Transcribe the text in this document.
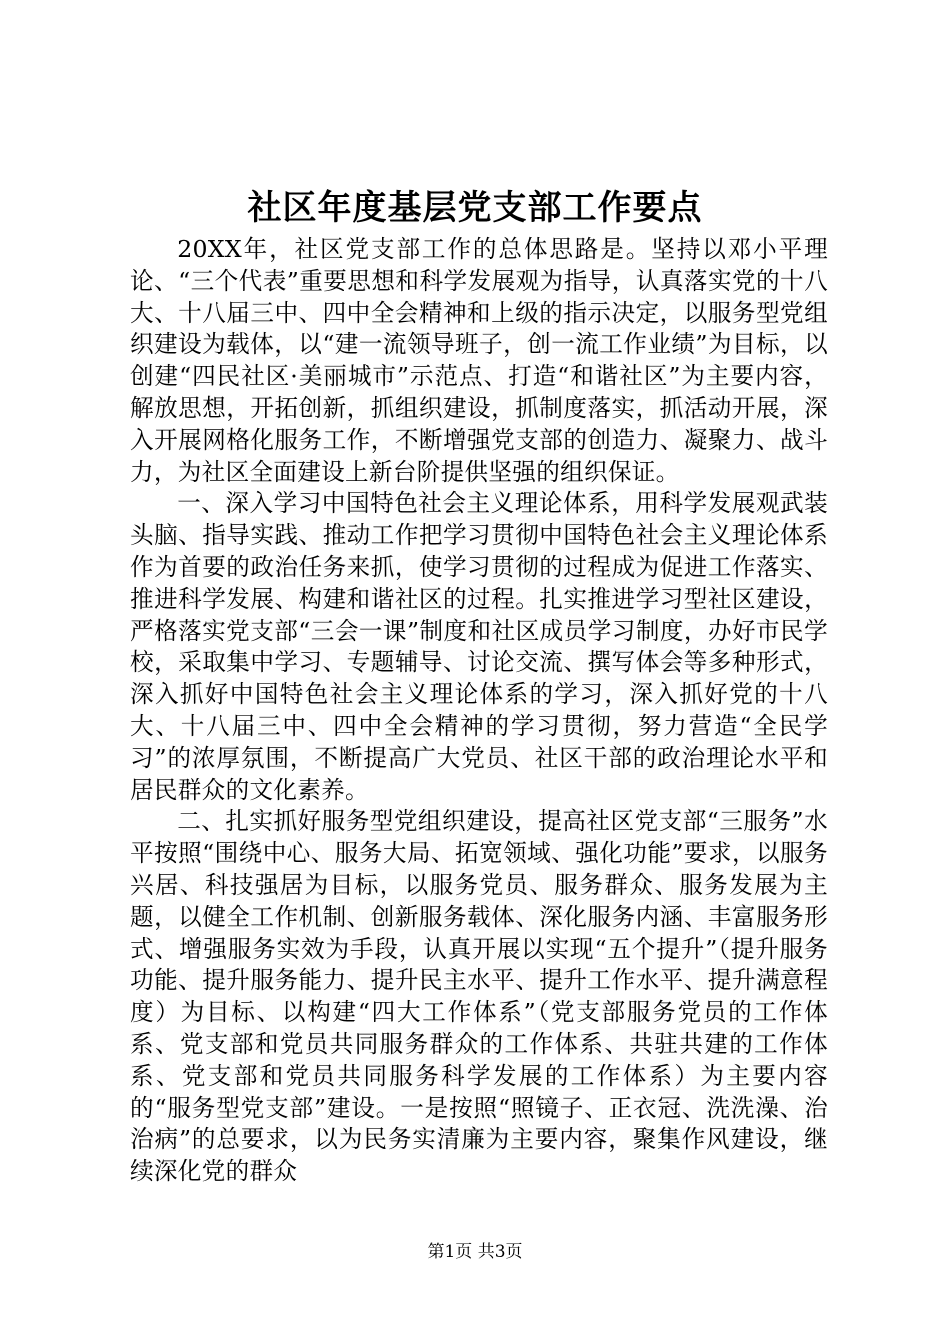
社区年度基层党支部工作要点

20XX年，社区党支部工作的总体思路是。坚持以邓小平理论、“三个代表”重要思想和科学发展观为指导，认真落实党的十八大、十八届三中、四中全会精神和上级的指示决定，以服务型党组织建设为载体，以“建一流领导班子，创一流工作业绩”为目标，以创建“四民社区·美丽城市”示范点、打造“和谐社区”为主要内容，解放思想，开拓创新，抓组织建设，抓制度落实，抓活动开展，深入开展网格化服务工作，不断增强党支部的创造力、凝聚力、战斗力，为社区全面建设上新台阶提供坚强的组织保证。

一、深入学习中国特色社会主义理论体系，用科学发展观武装头脑、指导实践、推动工作把学习贯彻中国特色社会主义理论体系作为首要的政治任务来抓，使学习贯彻的过程成为促进工作落实、推进科学发展、构建和谐社区的过程。扎实推进学习型社区建设，严格落实党支部“三会一课”制度和社区成员学习制度，办好市民学校，采取集中学习、专题辅导、讨论交流、撰写体会等多种形式，深入抓好中国特色社会主义理论体系的学习，深入抓好党的十八大、十八届三中、四中全会精神的学习贯彻，努力营造“全民学习”的浓厚氛围，不断提高广大党员、社区干部的政治理论水平和居民群众的文化素养。

二、扎实抓好服务型党组织建设，提高社区党支部“三服务”水平按照“围绕中心、服务大局、拓宽领域、强化功能”要求，以服务兴居、科技强居为目标，以服务党员、服务群众、服务发展为主题，以健全工作机制、创新服务载体、深化服务内涵、丰富服务形式、增强服务实效为手段，认真开展以实现“五个提升”（提升服务功能、提升服务能力、提升民主水平、提升工作水平、提升满意程度）为目标、以构建“四大工作体系”（党支部服务党员的工作体系、党支部和党员共同服务群众的工作体系、共驻共建的工作体系、党支部和党员共同服务科学发展的工作体系）为主要内容的“服务型党支部”建设。一是按照“照镜子、正衣冠、洗洗澡、治治病”的总要求，以为民务实清廉为主要内容，聚集作风建设，继续深化党的群众

第1页 共3页
